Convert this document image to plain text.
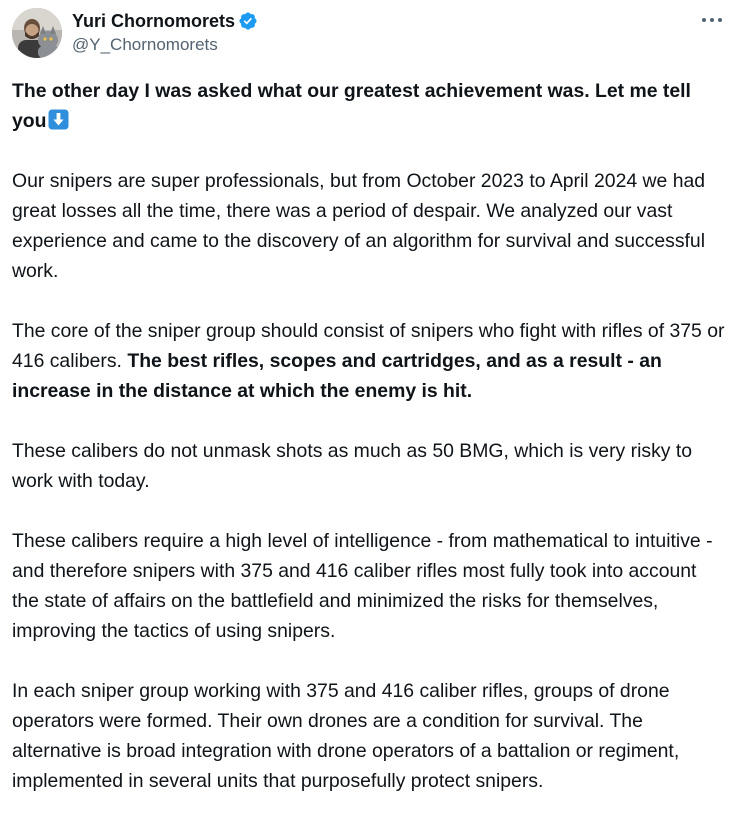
Yuri Chornomorets
@Y_Chornomorets

The other day I was asked what our greatest achievement was. Let me tell you

Our snipers are super professionals, but from October 2023 to April 2024 we had great losses all the time, there was a period of despair. We analyzed our vast experience and came to the discovery of an algorithm for survival and successful work.

The core of the sniper group should consist of snipers who fight with rifles of 375 or 416 calibers. The best rifles, scopes and cartridges, and as a result - an increase in the distance at which the enemy is hit.

These calibers do not unmask shots as much as 50 BMG, which is very risky to work with today.

These calibers require a high level of intelligence - from mathematical to intuitive - and therefore snipers with 375 and 416 caliber rifles most fully took into account the state of affairs on the battlefield and minimized the risks for themselves, improving the tactics of using snipers.

In each sniper group working with 375 and 416 caliber rifles, groups of drone operators were formed. Their own drones are a condition for survival. The alternative is broad integration with drone operators of a battalion or regiment, implemented in several units that purposefully protect snipers.
